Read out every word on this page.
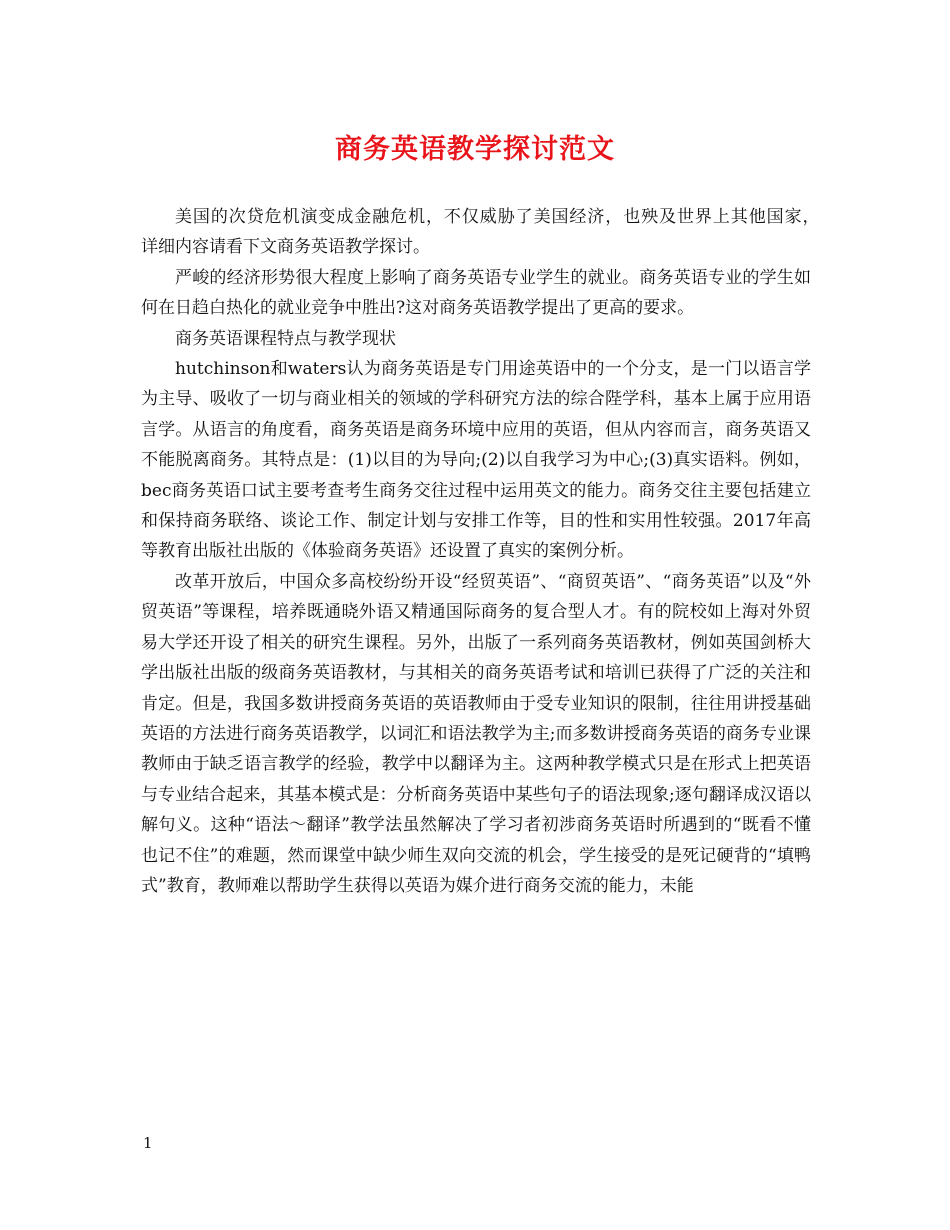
商务英语教学探讨范文

美国的次贷危机演变成金融危机，不仅威胁了美国经济，也殃及世界上其他国家，　详细内容请看下文商务英语教学探讨。

严峻的经济形势很大程度上影响了商务英语专业学生的就业。商务英语专业的学生如何在日趋白热化的就业竞争中胜出?这对商务英语教学提出了更高的要求。

商务英语课程特点与教学现状

hutchinson和waters认为商务英语是专门用途英语中的一个分支，是一门以语言学为主导、吸收了一切与商业相关的领域的学科研究方法的综合陛学科，基本上属于应用语言学。从语言的角度看，商务英语是商务环境中应用的英语，但从内容而言，商务英语又不能脱离商务。其特点是：(1)以目的为导向;(2)以自我学习为中心;(3)真实语料。例如，bec商务英语口试主要考查考生商务交往过程中运用英文的能力。商务交往主要包括建立和保持商务联络、谈论工作、制定计划与安排工作等，目的性和实用性较强。2017年高等教育出版社出版的《体验商务英语》还设置了真实的案例分析。

改革开放后，中国众多高校纷纷开设“经贸英语”、“商贸英语”、“商务英语”以及“外贸英语”等课程，培养既通晓外语又精通国际商务的复合型人才。有的院校如上海对外贸易大学还开设了相关的研究生课程。另外，出版了一系列商务英语教材，例如英国剑桥大学出版社出版的级商务英语教材，与其相关的商务英语考试和培训已获得了广泛的关注和肯定。但是，我国多数讲授商务英语的英语教师由于受专业知识的限制，往往用讲授基础英语的方法进行商务英语教学，以词汇和语法教学为主;而多数讲授商务英语的商务专业课教师由于缺乏语言教学的经验，教学中以翻译为主。这两种教学模式只是在形式上把英语与专业结合起来，其基本模式是：分析商务英语中某些句子的语法现象;逐句翻译成汉语以解句义。这种“语法～翻译”教学法虽然解决了学习者初涉商务英语时所遇到的“既看不懂也记不住”的难题，然而课堂中缺少师生双向交流的机会，学生接受的是死记硬背的“填鸭式”教育，教师难以帮助学生获得以英语为媒介进行商务交流的能力，未能

1
